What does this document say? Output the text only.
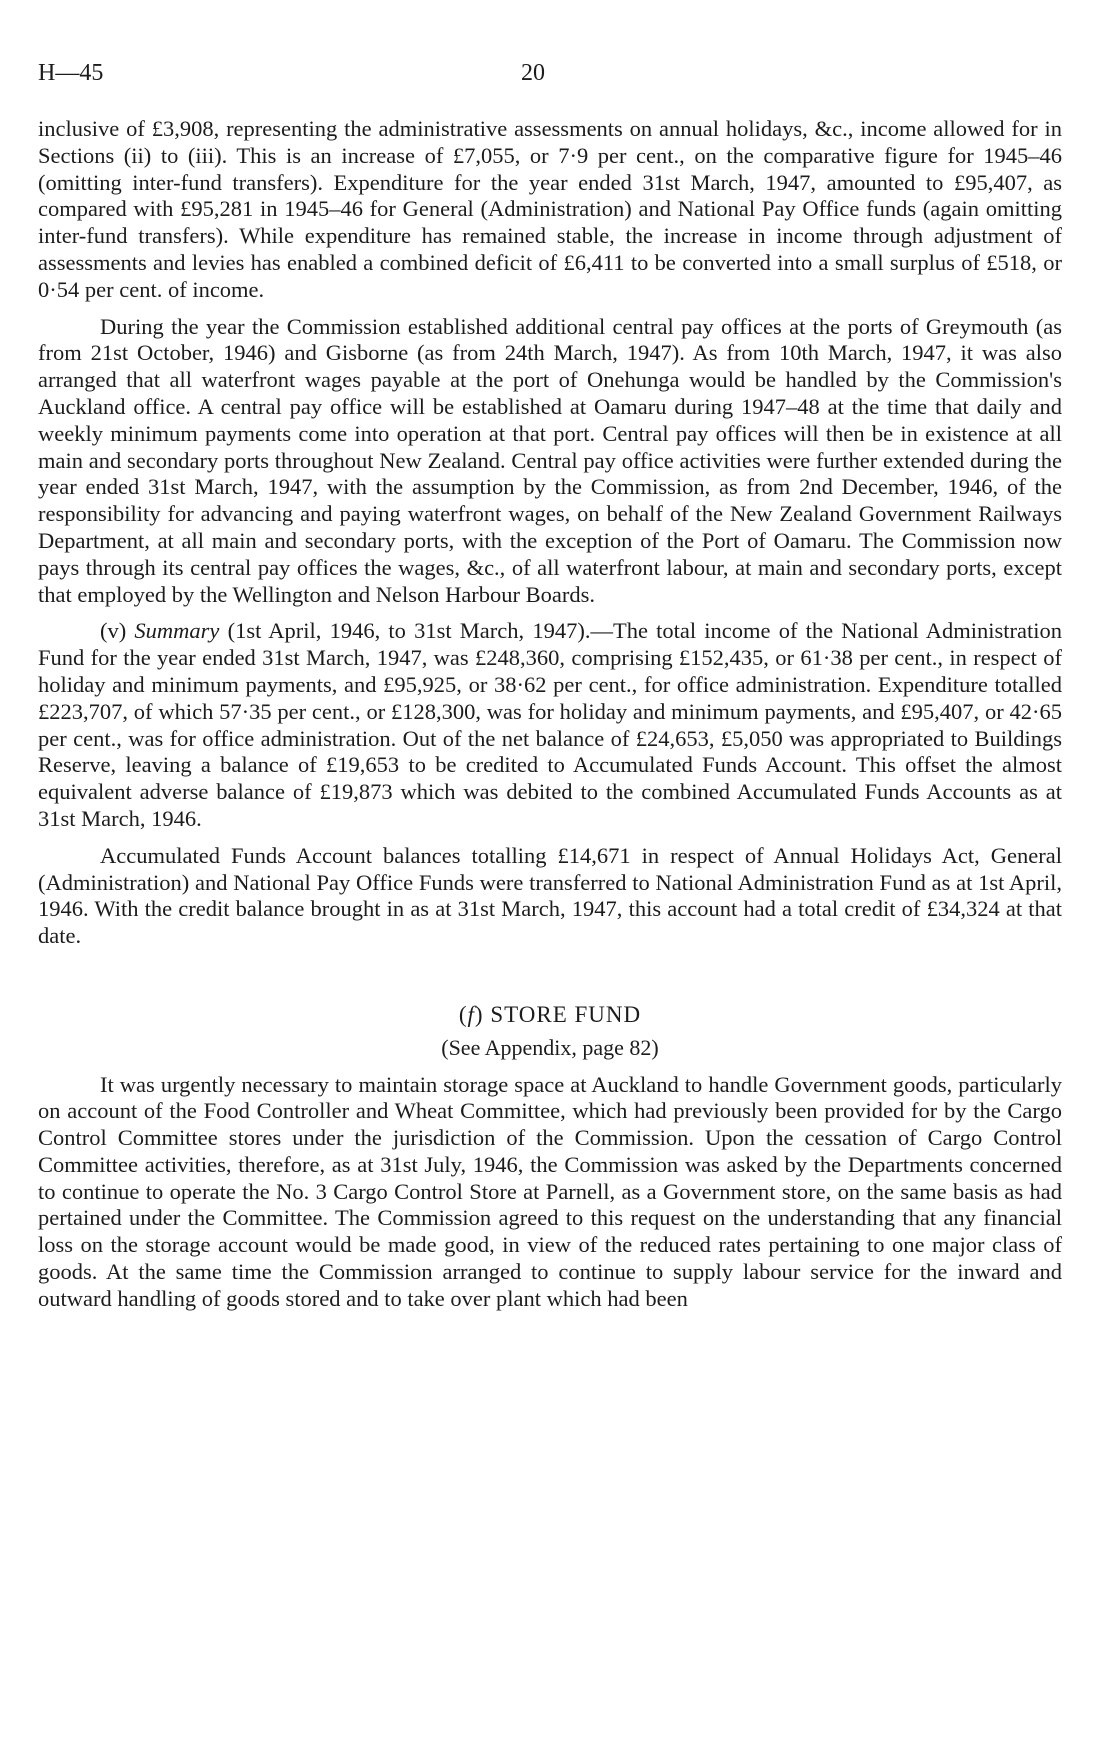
H—45	20

inclusive of £3,908, representing the administrative assessments on annual holidays, &c., income allowed for in Sections (ii) to (iii). This is an increase of £7,055, or 7·9 per cent., on the comparative figure for 1945–46 (omitting inter-fund transfers). Expenditure for the year ended 31st March, 1947, amounted to £95,407, as compared with £95,281 in 1945–46 for General (Administration) and National Pay Office funds (again omitting inter-fund transfers). While expenditure has remained stable, the increase in income through adjustment of assessments and levies has enabled a combined deficit of £6,411 to be converted into a small surplus of £518, or 0·54 per cent. of income.

During the year the Commission established additional central pay offices at the ports of Greymouth (as from 21st October, 1946) and Gisborne (as from 24th March, 1947). As from 10th March, 1947, it was also arranged that all waterfront wages payable at the port of Onehunga would be handled by the Commission's Auckland office. A central pay office will be established at Oamaru during 1947–48 at the time that daily and weekly minimum payments come into operation at that port. Central pay offices will then be in existence at all main and secondary ports throughout New Zealand. Central pay office activities were further extended during the year ended 31st March, 1947, with the assumption by the Commission, as from 2nd December, 1946, of the responsibility for advancing and paying waterfront wages, on behalf of the New Zealand Government Railways Department, at all main and secondary ports, with the exception of the Port of Oamaru. The Commission now pays through its central pay offices the wages, &c., of all waterfront labour, at main and secondary ports, except that employed by the Wellington and Nelson Harbour Boards.

(v) Summary (1st April, 1946, to 31st March, 1947).—The total income of the National Administration Fund for the year ended 31st March, 1947, was £248,360, comprising £152,435, or 61·38 per cent., in respect of holiday and minimum payments, and £95,925, or 38·62 per cent., for office administration. Expenditure totalled £223,707, of which 57·35 per cent., or £128,300, was for holiday and minimum payments, and £95,407, or 42·65 per cent., was for office administration. Out of the net balance of £24,653, £5,050 was appropriated to Buildings Reserve, leaving a balance of £19,653 to be credited to Accumulated Funds Account. This offset the almost equivalent adverse balance of £19,873 which was debited to the combined Accumulated Funds Accounts as at 31st March, 1946.

Accumulated Funds Account balances totalling £14,671 in respect of Annual Holidays Act, General (Administration) and National Pay Office Funds were transferred to National Administration Fund as at 1st April, 1946. With the credit balance brought in as at 31st March, 1947, this account had a total credit of £34,324 at that date.

(f) STORE FUND
(See Appendix, page 82)

It was urgently necessary to maintain storage space at Auckland to handle Government goods, particularly on account of the Food Controller and Wheat Committee, which had previously been provided for by the Cargo Control Committee stores under the jurisdiction of the Commission. Upon the cessation of Cargo Control Committee activities, therefore, as at 31st July, 1946, the Commission was asked by the Departments concerned to continue to operate the No. 3 Cargo Control Store at Parnell, as a Government store, on the same basis as had pertained under the Committee. The Commission agreed to this request on the understanding that any financial loss on the storage account would be made good, in view of the reduced rates pertaining to one major class of goods. At the same time the Commission arranged to continue to supply labour service for the inward and outward handling of goods stored and to take over plant which had been
